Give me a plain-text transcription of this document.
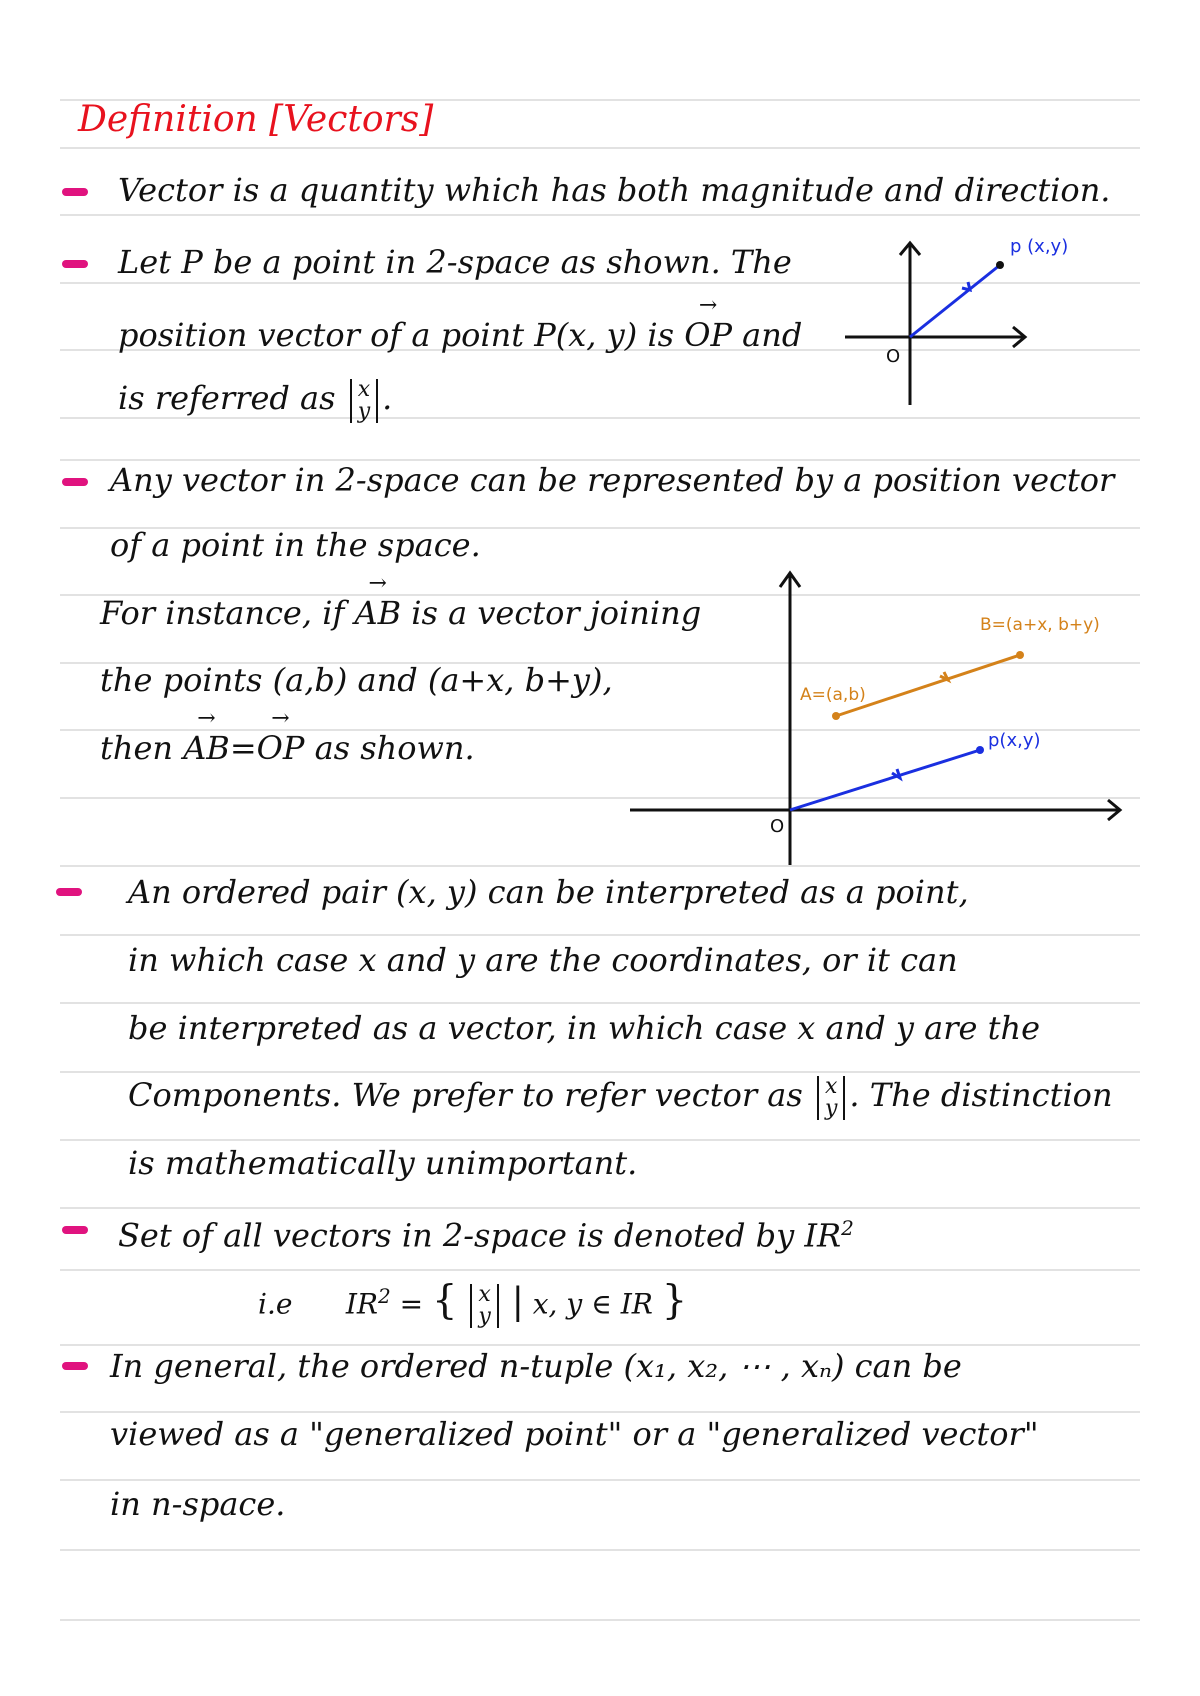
Definition [Vectors]
Vector is a quantity which has both magnitude and direction.
Let P be a point in 2-space as shown. The
position vector of a point P(x, y) is → OP and
is referred as x
y .
p (x,y)
O
Any vector in 2-space can be represented by a position vector
of a point in the space.
For instance, if → AB is a vector joining
the points (a,b) and (a+x, b+y),
then → AB=→ OP as shown.
B=(a+x, b+y)
A=(a,b)
p(x,y)
O
An ordered pair (x, y) can be interpreted as a point,
in which case x and y are the coordinates, or it can
be interpreted as a vector, in which case x and y are the
Components. We prefer to refer vector as x
y . The distinction
is mathematically unimportant.
Set of all vectors in 2-space is denoted by $IR^2$
i.e $IR^2$ = { x
y | x, y ∈ IR }
In general, the ordered n-tuple (x₁, x₂, ⋯ , xₙ) can be
viewed as a "generalized point" or a "generalized vector"
in n-space.
